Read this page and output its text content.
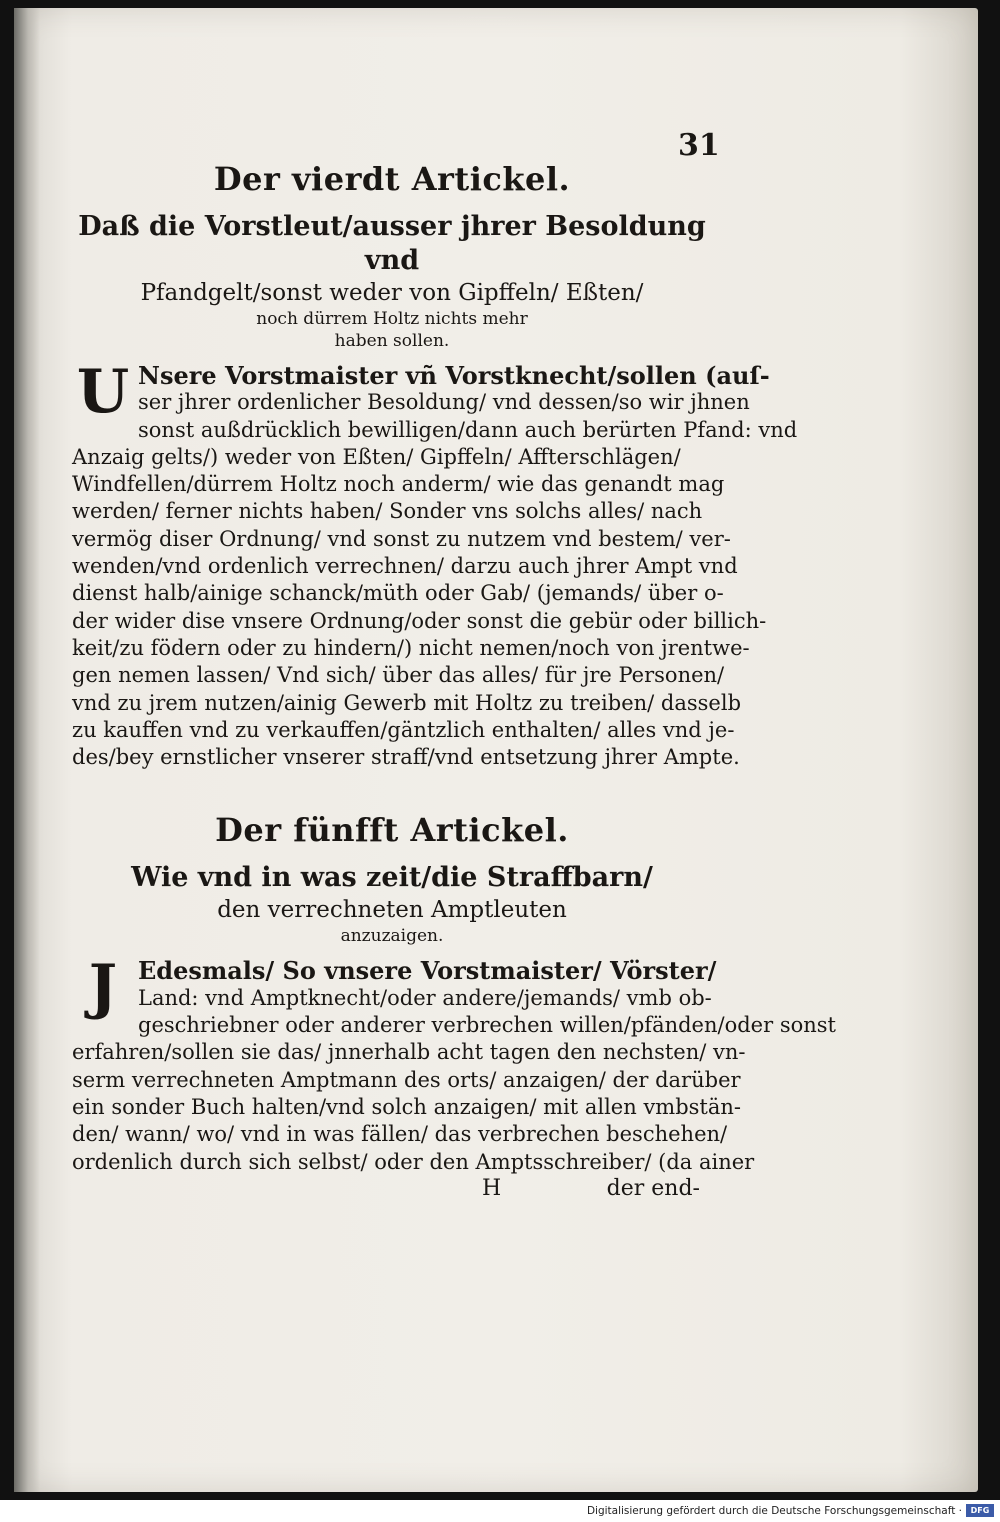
31
Der vierdt Artickel.
Daß die Vorstleut/ausser jhrer Besoldung vnd
Pfandgelt/sonst weder von Gipffeln/ Eßten/
noch dürrem Holtz nichts mehr
haben sollen.
U Nsere Vorstmaister vñ Vorstknecht/sollen (auſ-
ser jhrer ordenlicher Besoldung/ vnd dessen/so wir jhnen
sonst außdrücklich bewilligen/dann auch berürten Pfand: vnd
Anzaig gelts/) weder von Eßten/ Gipffeln/ Affterschlägen/
Windfellen/dürrem Holtz noch anderm/ wie das genandt mag
werden/ ferner nichts haben/ Sonder vns solchs alles/ nach
vermög diser Ordnung/ vnd sonst zu nutzem vnd bestem/ ver-
wenden/vnd ordenlich verrechnen/ darzu auch jhrer Ampt vnd
dienst halb/ainige schanck/müth oder Gab/ (jemands/ über o-
der wider dise vnsere Ordnung/oder sonst die gebür oder billich-
keit/zu födern oder zu hindern/) nicht nemen/noch von jrentwe-
gen nemen lassen/ Vnd sich/ über das alles/ für jre Personen/
vnd zu jrem nutzen/ainig Gewerb mit Holtz zu treiben/ dasselb
zu kauffen vnd zu verkauffen/gäntzlich enthalten/ alles vnd je-
des/bey ernstlicher vnserer straff/vnd entsetzung jhrer Ampte.
Der fünfft Artickel.
Wie vnd in was zeit/die Straffbarn/
den verrechneten Amptleuten
anzuzaigen.
J Edesmals/ So vnsere Vorstmaister/ Vörster/
Land: vnd Amptknecht/oder andere/jemands/ vmb ob-
geschriebner oder anderer verbrechen willen/pfänden/oder sonst
erfahren/sollen sie das/ jnnerhalb acht tagen den nechsten/ vn-
serm verrechneten Amptmann des orts/ anzaigen/ der darüber
ein sonder Buch halten/vnd solch anzaigen/ mit allen vmbstän-
den/ wann/ wo/ vnd in was fällen/ das verbrechen beschehen/
ordenlich durch sich selbst/ oder den Amptsschreiber/ (da ainer
H	der end-
Digitalisierung gefördert durch die Deutsche Forschungsgemeinschaft ·	DFG
